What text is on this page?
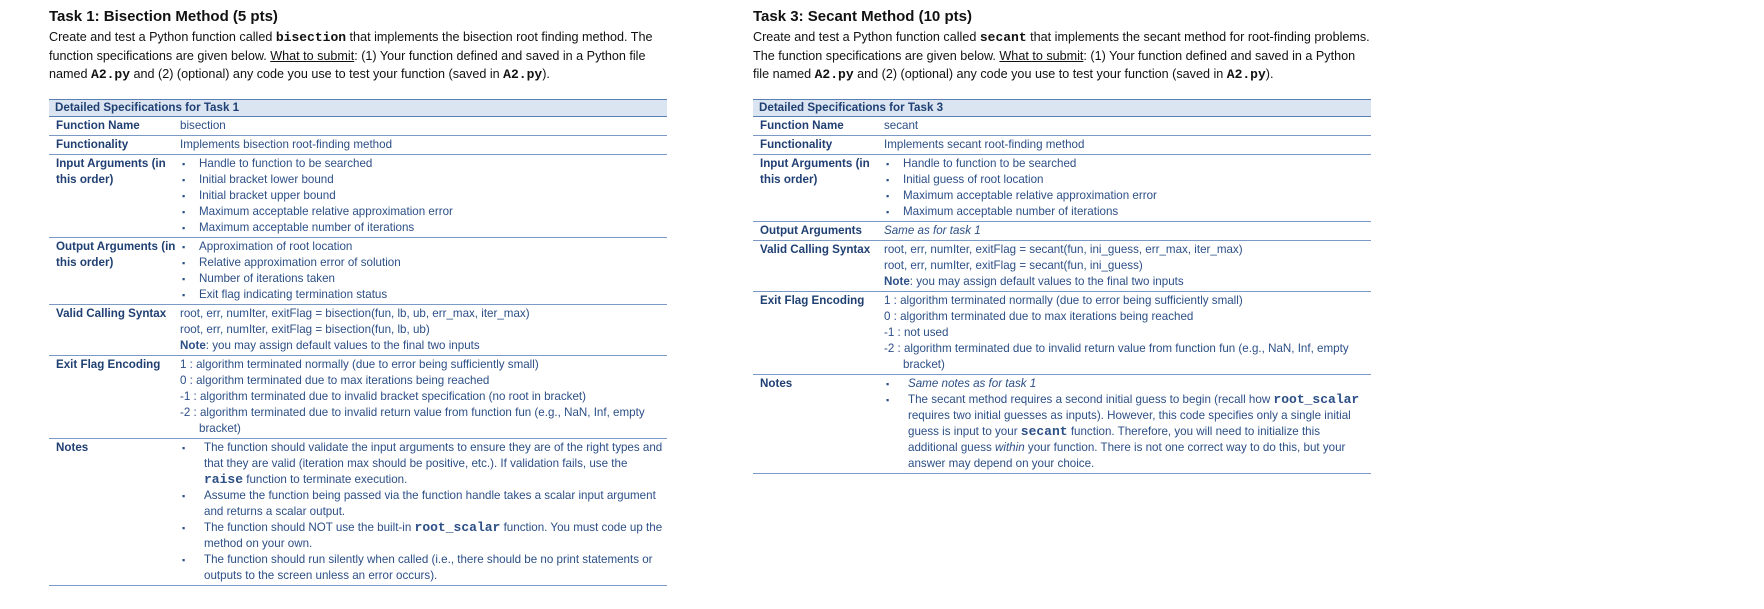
Task 1: Bisection Method (5 pts)

Create and test a Python function called bisection that implements the bisection root finding method. The function specifications are given below. What to submit: (1) Your function defined and saved in a Python file named A2.py and (2) (optional) any code you use to test your function (saved in A2.py).

Detailed Specifications for Task 1
Function Name	bisection
Functionality	Implements bisection root-finding method
Input Arguments (in this order)
▪ Handle to function to be searched
▪ Initial bracket lower bound
▪ Initial bracket upper bound
▪ Maximum acceptable relative approximation error
▪ Maximum acceptable number of iterations
Output Arguments (in this order)
▪ Approximation of root location
▪ Relative approximation error of solution
▪ Number of iterations taken
▪ Exit flag indicating termination status
Valid Calling Syntax	root, err, numIter, exitFlag = bisection(fun, lb, ub, err_max, iter_max)
root, err, numIter, exitFlag = bisection(fun, lb, ub)
Note: you may assign default values to the final two inputs
Exit Flag Encoding	1 : algorithm terminated normally (due to error being sufficiently small)
0 : algorithm terminated due to max iterations being reached
-1 : algorithm terminated due to invalid bracket specification (no root in bracket)
-2 : algorithm terminated due to invalid return value from function fun (e.g., NaN, Inf, empty bracket)
Notes	▪ The function should validate the input arguments to ensure they are of the right types and that they are valid (iteration max should be positive, etc.). If validation fails, use the raise function to terminate execution.
▪ Assume the function being passed via the function handle takes a scalar input argument and returns a scalar output.
▪ The function should NOT use the built-in root_scalar function. You must code up the method on your own.
▪ The function should run silently when called (i.e., there should be no print statements or outputs to the screen unless an error occurs).
Task 3: Secant Method (10 pts)

Create and test a Python function called secant that implements the secant method for root-finding problems. The function specifications are given below. What to submit: (1) Your function defined and saved in a Python file named A2.py and (2) (optional) any code you use to test your function (saved in A2.py).

Detailed Specifications for Task 3
Function Name	secant
Functionality	Implements secant root-finding method
Input Arguments (in this order)
▪ Handle to function to be searched
▪ Initial guess of root location
▪ Maximum acceptable relative approximation error
▪ Maximum acceptable number of iterations
Output Arguments	Same as for task 1
Valid Calling Syntax	root, err, numIter, exitFlag = secant(fun, ini_guess, err_max, iter_max)
root, err, numIter, exitFlag = secant(fun, ini_guess)
Note: you may assign default values to the final two inputs
Exit Flag Encoding	1 : algorithm terminated normally (due to error being sufficiently small)
0 : algorithm terminated due to max iterations being reached
-1 : not used
-2 : algorithm terminated due to invalid return value from function fun (e.g., NaN, Inf, empty bracket)
Notes	▪ Same notes as for task 1
▪ The secant method requires a second initial guess to begin (recall how root_scalar requires two initial guesses as inputs). However, this code specifies only a single initial guess is input to your secant function. Therefore, you will need to initialize this additional guess within your function. There is not one correct way to do this, but your answer may depend on your choice.
